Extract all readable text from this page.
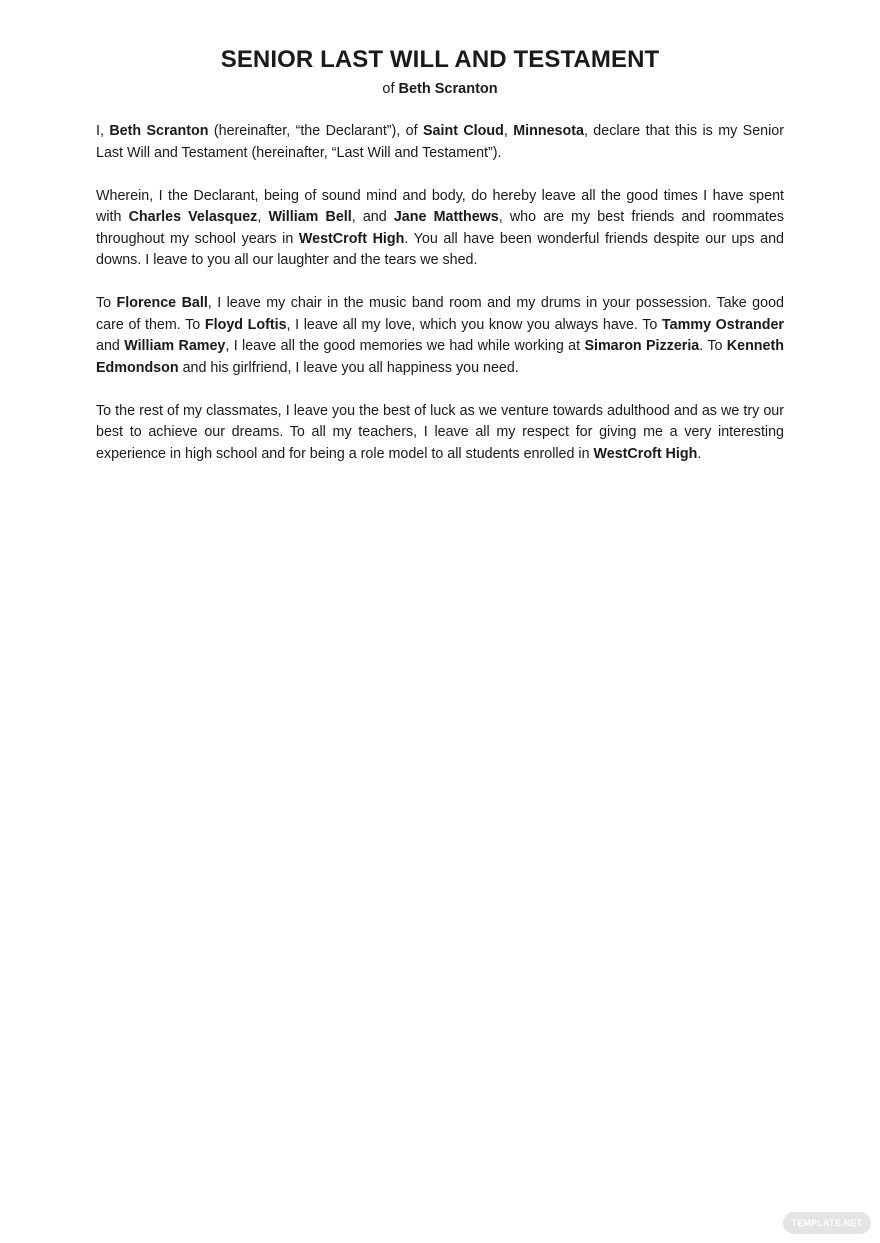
SENIOR LAST WILL AND TESTAMENT

of Beth Scranton

I, Beth Scranton (hereinafter, “the Declarant”), of Saint Cloud, Minnesota, declare that this is my Senior Last Will and Testament (hereinafter, “Last Will and Testament”).

Wherein, I the Declarant, being of sound mind and body, do hereby leave all the good times I have spent with Charles Velasquez, William Bell, and Jane Matthews, who are my best friends and roommates throughout my school years in WestCroft High. You all have been wonderful friends despite our ups and downs. I leave to you all our laughter and the tears we shed.

To Florence Ball, I leave my chair in the music band room and my drums in your possession. Take good care of them. To Floyd Loftis, I leave all my love, which you know you always have. To Tammy Ostrander and William Ramey, I leave all the good memories we had while working at Simaron Pizzeria. To Kenneth Edmondson and his girlfriend, I leave you all happiness you need.

To the rest of my classmates, I leave you the best of luck as we venture towards adulthood and as we try our best to achieve our dreams. To all my teachers, I leave all my respect for giving me a very interesting experience in high school and for being a role model to all students enrolled in WestCroft High.

TEMPLATE.NET
